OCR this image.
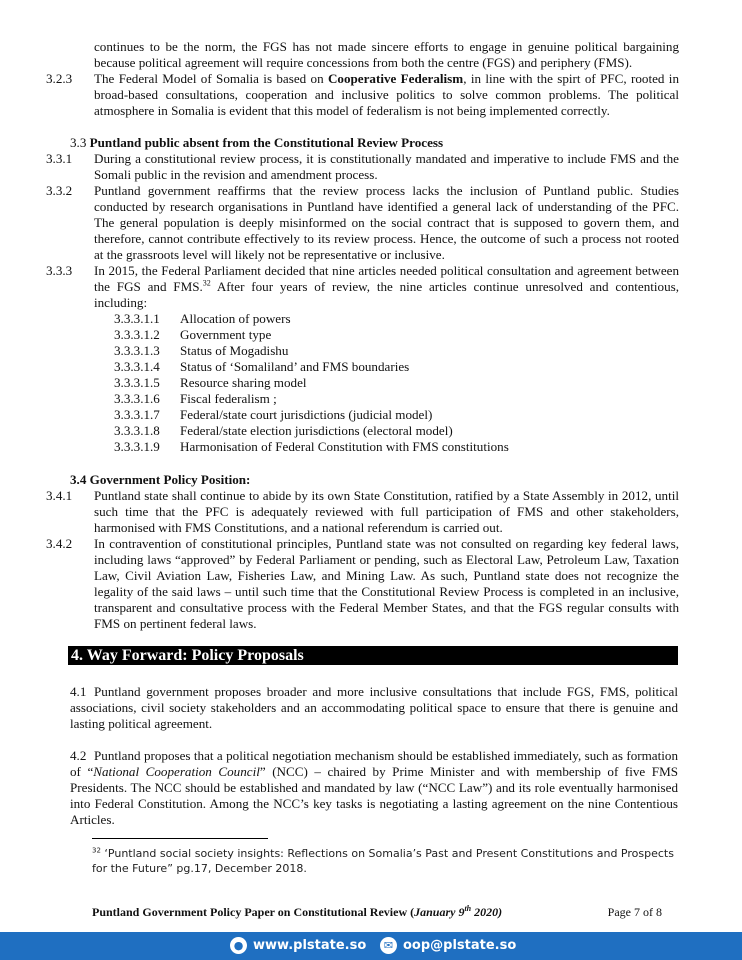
continues to be the norm, the FGS has not made sincere efforts to engage in genuine political bargaining because political agreement will require concessions from both the centre (FGS) and periphery (FMS).
3.2.3	The Federal Model of Somalia is based on Cooperative Federalism, in line with the spirt of PFC, rooted in broad-based consultations, cooperation and inclusive politics to solve common problems. The political atmosphere in Somalia is evident that this model of federalism is not being implemented correctly.
3.3 Puntland public absent from the Constitutional Review Process
3.3.1	During a constitutional review process, it is constitutionally mandated and imperative to include FMS and the Somali public in the revision and amendment process.
3.3.2	Puntland government reaffirms that the review process lacks the inclusion of Puntland public. Studies conducted by research organisations in Puntland have identified a general lack of understanding of the PFC. The general population is deeply misinformed on the social contract that is supposed to govern them, and therefore, cannot contribute effectively to its review process. Hence, the outcome of such a process not rooted at the grassroots level will likely not be representative or inclusive.
3.3.3	In 2015, the Federal Parliament decided that nine articles needed political consultation and agreement between the FGS and FMS.$^{32}$ After four years of review, the nine articles continue unresolved and contentious, including:
3.3.3.1.1 Allocation of powers
3.3.3.1.2 Government type
3.3.3.1.3 Status of Mogadishu
3.3.3.1.4 Status of ‘Somaliland’ and FMS boundaries
3.3.3.1.5 Resource sharing model
3.3.3.1.6 Fiscal federalism ;
3.3.3.1.7 Federal/state court jurisdictions (judicial model)
3.3.3.1.8 Federal/state election jurisdictions (electoral model)
3.3.3.1.9 Harmonisation of Federal Constitution with FMS constitutions
3.4 Government Policy Position:
3.4.1	Puntland state shall continue to abide by its own State Constitution, ratified by a State Assembly in 2012, until such time that the PFC is adequately reviewed with full participation of FMS and other stakeholders, harmonised with FMS Constitutions, and a national referendum is carried out.
3.4.2	In contravention of constitutional principles, Puntland state was not consulted on regarding key federal laws, including laws “approved” by Federal Parliament or pending, such as Electoral Law, Petroleum Law, Taxation Law, Civil Aviation Law, Fisheries Law, and Mining Law. As such, Puntland state does not recognize the legality of the said laws – until such time that the Constitutional Review Process is completed in an inclusive, transparent and consultative process with the Federal Member States, and that the FGS regular consults with FMS on pertinent federal laws.
4. Way Forward: Policy Proposals
4.1 Puntland government proposes broader and more inclusive consultations that include FGS, FMS, political associations, civil society stakeholders and an accommodating political space to ensure that there is genuine and lasting political agreement.
4.2 Puntland proposes that a political negotiation mechanism should be established immediately, such as formation of “National Cooperation Council” (NCC) – chaired by Prime Minister and with membership of five FMS Presidents. The NCC should be established and mandated by law (“NCC Law”) and its role eventually harmonised into Federal Constitution. Among the NCC’s key tasks is negotiating a lasting agreement on the nine Contentious Articles.
$^{32}$ ‘Puntland social society insights: Reflections on Somalia’s Past and Present Constitutions and Prospects for the Future” pg.17, December 2018.
Puntland Government Policy Paper on Constitutional Review (January 9th 2020)	Page 7 of 8
● www.plstate.so	✉ oop@plstate.so
